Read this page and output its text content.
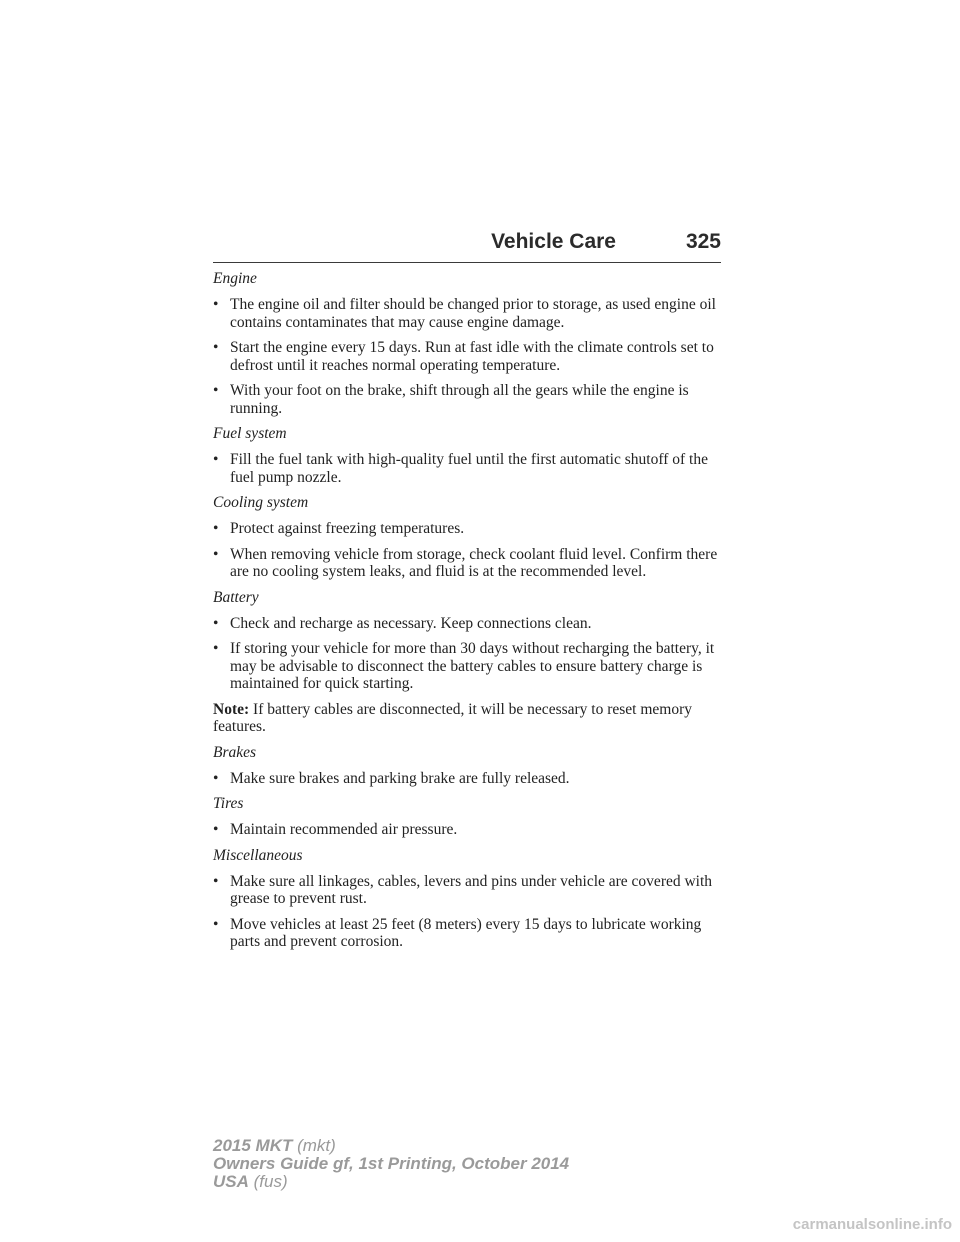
Vehicle Care	325
Engine
• The engine oil and filter should be changed prior to storage, as used engine oil contains contaminates that may cause engine damage.
• Start the engine every 15 days. Run at fast idle with the climate controls set to defrost until it reaches normal operating temperature.
• With your foot on the brake, shift through all the gears while the engine is running.
Fuel system
• Fill the fuel tank with high-quality fuel until the first automatic shutoff of the fuel pump nozzle.
Cooling system
• Protect against freezing temperatures.
• When removing vehicle from storage, check coolant fluid level. Confirm there are no cooling system leaks, and fluid is at the recommended level.
Battery
• Check and recharge as necessary. Keep connections clean.
• If storing your vehicle for more than 30 days without recharging the battery, it may be advisable to disconnect the battery cables to ensure battery charge is maintained for quick starting.

Note: If battery cables are disconnected, it will be necessary to reset memory features.

Brakes
• Make sure brakes and parking brake are fully released.
Tires
• Maintain recommended air pressure.
Miscellaneous
• Make sure all linkages, cables, levers and pins under vehicle are covered with grease to prevent rust.
• Move vehicles at least 25 feet (8 meters) every 15 days to lubricate working parts and prevent corrosion.
2015 MKT (mkt)
Owners Guide gf, 1st Printing, October 2014
USA (fus)
carmanualsonline.info
